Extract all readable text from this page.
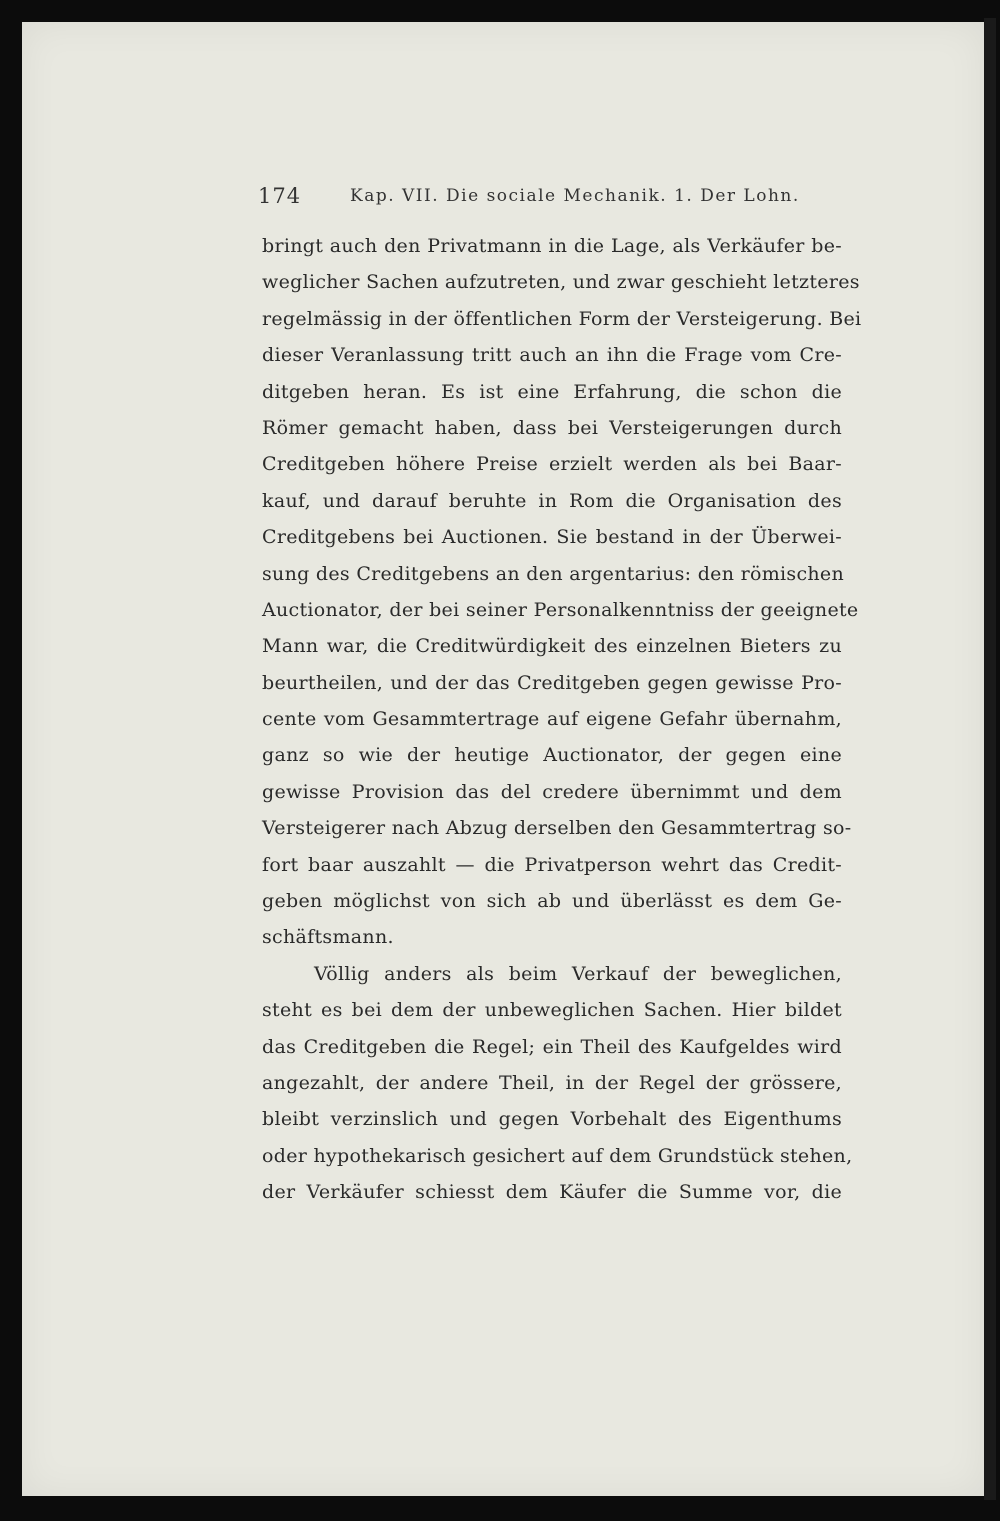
174	Kap. VII. Die sociale Mechanik. 1. Der Lohn.
bringt auch den Privatmann in die Lage, als Verkäufer be-
weglicher Sachen aufzutreten, und zwar geschieht letzteres
regelmässig in der öffentlichen Form der Versteigerung. Bei
dieser Veranlassung tritt auch an ihn die Frage vom Cre-
ditgeben heran. Es ist eine Erfahrung, die schon die
Römer gemacht haben, dass bei Versteigerungen durch
Creditgeben höhere Preise erzielt werden als bei Baar-
kauf, und darauf beruhte in Rom die Organisation des
Creditgebens bei Auctionen. Sie bestand in der Überwei-
sung des Creditgebens an den argentarius: den römischen
Auctionator, der bei seiner Personalkenntniss der geeignete
Mann war, die Creditwürdigkeit des einzelnen Bieters zu
beurtheilen, und der das Creditgeben gegen gewisse Pro-
cente vom Gesammtertrage auf eigene Gefahr übernahm,
ganz so wie der heutige Auctionator, der gegen eine
gewisse Provision das del credere übernimmt und dem
Versteigerer nach Abzug derselben den Gesammtertrag so-
fort baar auszahlt — die Privatperson wehrt das Credit-
geben möglichst von sich ab und überlässt es dem Ge-
schäftsmann.
Völlig anders als beim Verkauf der beweglichen,
steht es bei dem der unbeweglichen Sachen. Hier bildet
das Creditgeben die Regel; ein Theil des Kaufgeldes wird
angezahlt, der andere Theil, in der Regel der grössere,
bleibt verzinslich und gegen Vorbehalt des Eigenthums
oder hypothekarisch gesichert auf dem Grundstück stehen,
der Verkäufer schiesst dem Käufer die Summe vor, die
